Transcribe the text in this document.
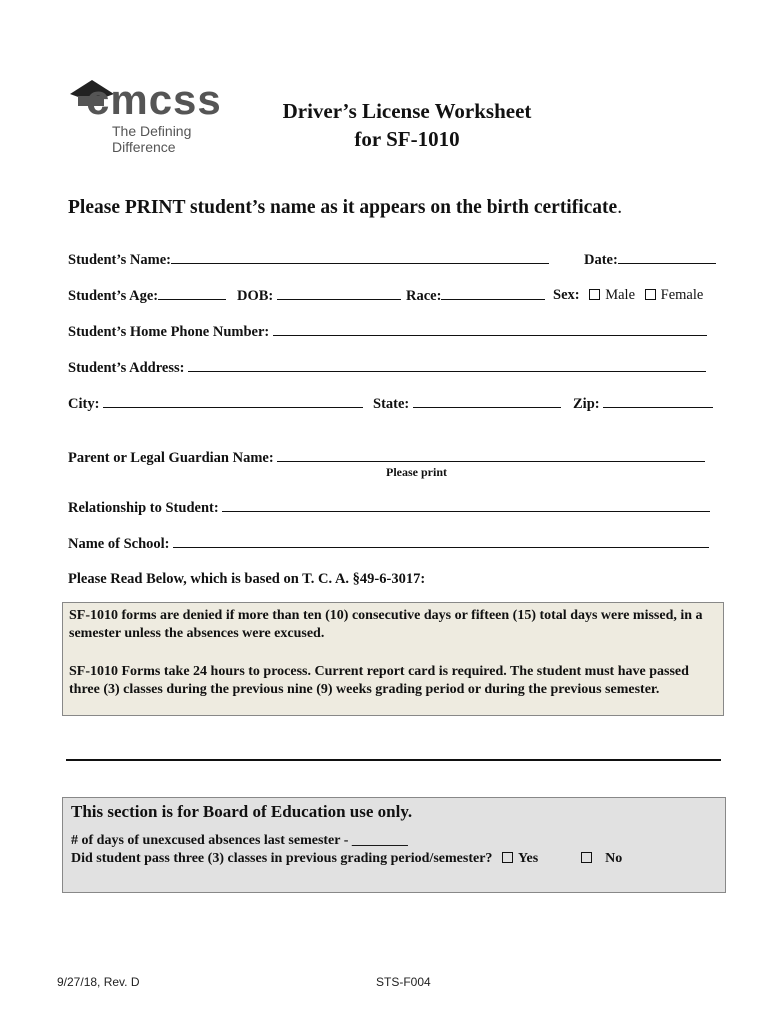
cmcss
The Defining Difference
Driver’s License Worksheet
for SF-1010
Please PRINT student’s name as it appears on the birth certificate.
Student’s Name:	Date:
Student’s Age:	DOB:	Race:	Sex: Male Female
Student’s Home Phone Number:
Student’s Address:
City:	State:	Zip:
Parent or Legal Guardian Name:
Please print
Relationship to Student:
Name of School:
Please Read Below, which is based on T. C. A. §49-6-3017:

SF-1010 forms are denied if more than ten (10) consecutive days or fifteen (15) total days were missed, in a semester unless the absences were excused.

SF-1010 Forms take 24 hours to process. Current report card is required. The student must have passed three (3) classes during the previous nine (9) weeks grading period or during the previous semester.

This section is for Board of Education use only.
# of days of unexcused absences last semester - ________
Did student pass three (3) classes in previous grading period/semester? Yes	No
9/27/18, Rev. D	STS-F004
